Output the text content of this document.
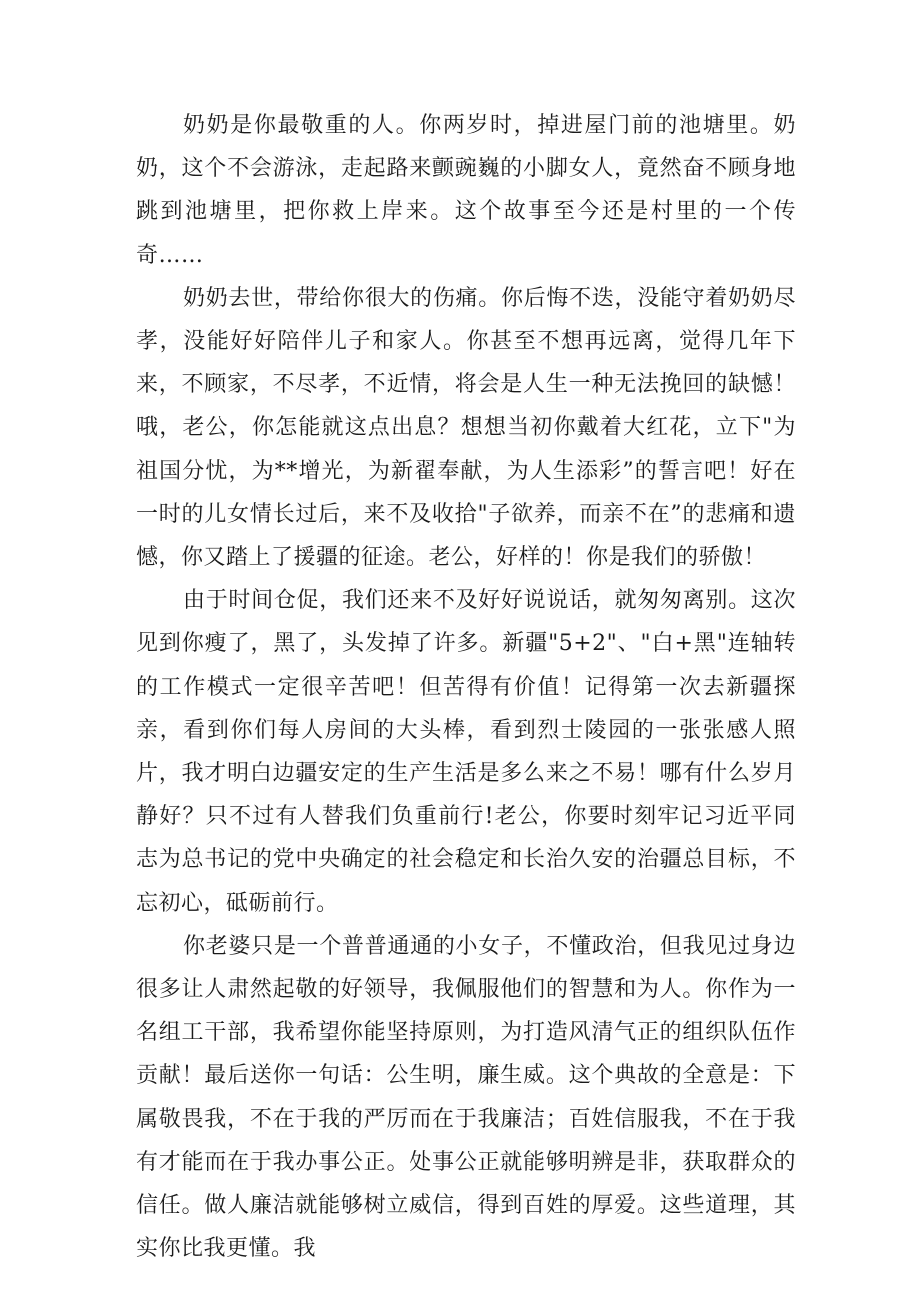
奶奶是你最敬重的人。你两岁时，掉进屋门前的池塘里。奶奶，这个不会游泳，走起路来颤豌巍的小脚女人，竟然奋不顾身地跳到池塘里，把你救上岸来。这个故事至今还是村里的一个传奇……

奶奶去世，带给你很大的伤痛。你后悔不迭，没能守着奶奶尽孝，没能好好陪伴儿子和家人。你甚至不想再远离，觉得几年下来，不顾家，不尽孝，不近情，将会是人生一种无法挽回的缺憾！哦，老公，你怎能就这点出息？想想当初你戴着大红花，立下"为祖国分忧，为**增光，为新翟奉献，为人生添彩”的誓言吧！好在一时的儿女情长过后，来不及收拾"子欲养，而亲不在”的悲痛和遗憾，你又踏上了援疆的征途。老公，好样的！你是我们的骄傲！

由于时间仓促，我们还来不及好好说说话，就匆匆离别。这次见到你瘦了，黑了，头发掉了许多。新疆"5+2"、"白+黑"连轴转的工作模式一定很辛苦吧！但苦得有价值！记得第一次去新疆探亲，看到你们每人房间的大头棒，看到烈士陵园的一张张感人照片，我才明白边疆安定的生产生活是多么来之不易！哪有什么岁月静好？只不过有人替我们负重前行!老公，你要时刻牢记习近平同志为总书记的党中央确定的社会稳定和长治久安的治疆总目标，不忘初心，砥砺前行。

你老婆只是一个普普通通的小女子，不懂政治，但我见过身边很多让人肃然起敬的好领导，我佩服他们的智慧和为人。你作为一名组工干部，我希望你能坚持原则，为打造风清气正的组织队伍作贡献！最后送你一句话：公生明，廉生威。这个典故的全意是：下属敬畏我，不在于我的严厉而在于我廉洁；百姓信服我，不在于我有才能而在于我办事公正。处事公正就能够明辨是非，获取群众的信任。做人廉洁就能够树立威信，得到百姓的厚爱。这些道理，其实你比我更懂。我
